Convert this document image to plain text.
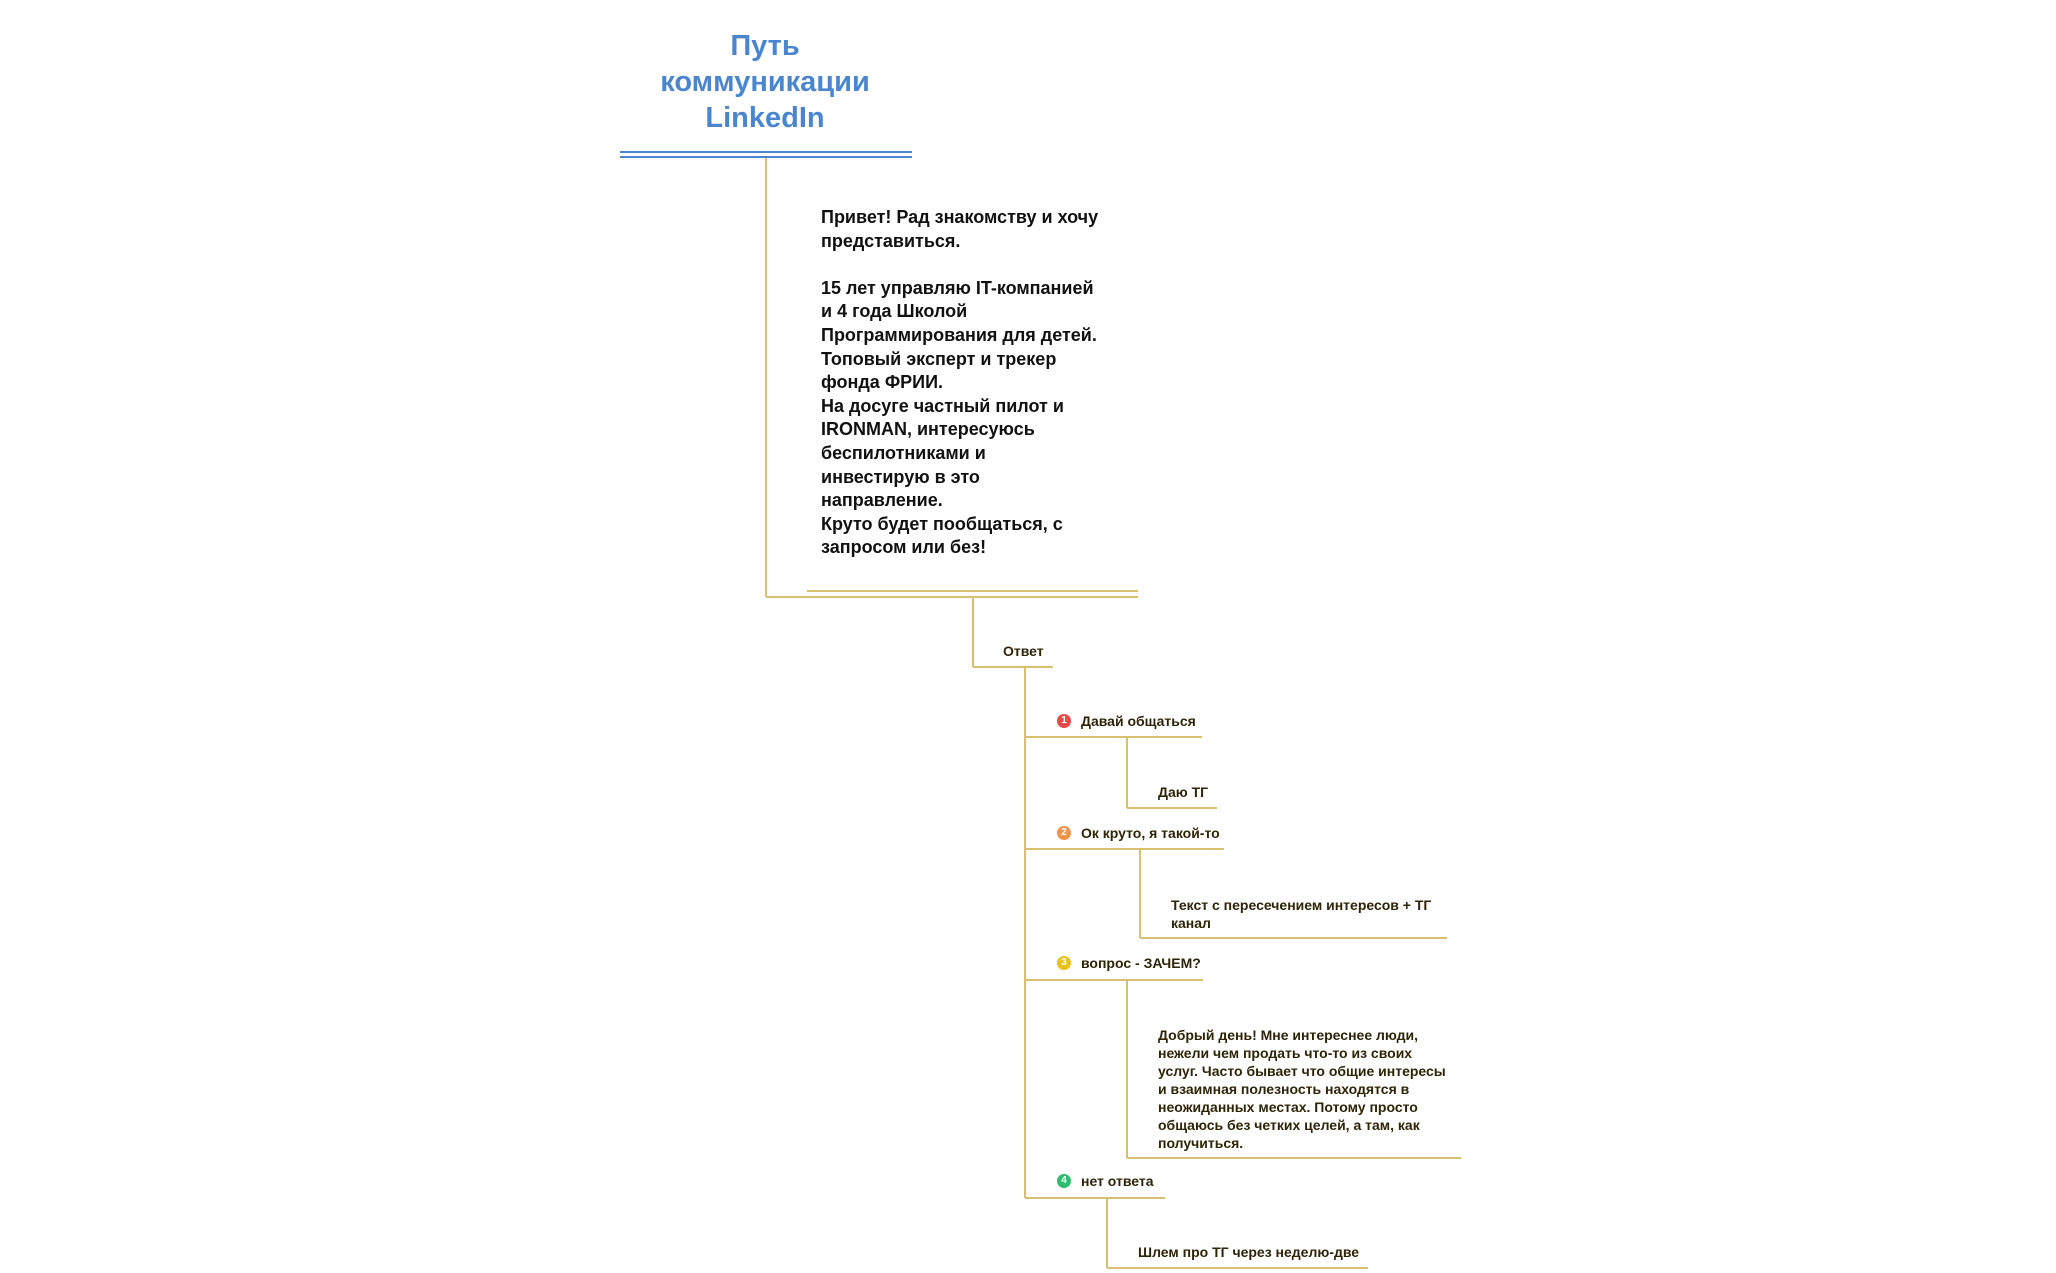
Путь
коммуникации
LinkedIn
Привет! Рад знакомству и хочу
представиться.

15 лет управляю IT-компанией
и 4 года Школой
Программирования для детей.
Топовый эксперт и трекер
фонда ФРИИ.
На досуге частный пилот и
IRONMAN, интересуюсь
беспилотниками и
инвестирую в это
направление.
Круто будет пообщаться, с
запросом или без!
Ответ
1	Давай общаться
Даю ТГ
2	Ок круто, я такой-то
Текст с пересечением интересов + ТГ
канал
3	вопрос - ЗАЧЕМ?
Добрый день! Мне интереснее люди,
нежели чем продать что-то из своих
услуг. Часто бывает что общие интересы
и взаимная полезность находятся в
неожиданных местах. Потому просто
общаюсь без четких целей, а там, как
получиться.
4	нет ответа
Шлем про ТГ через неделю-две
